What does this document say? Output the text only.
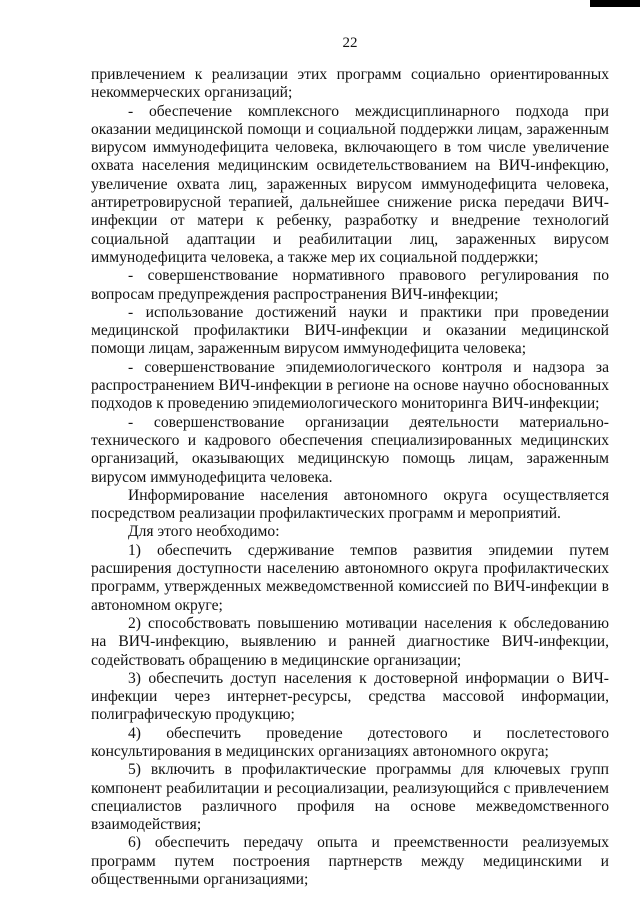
22

привлечением к реализации этих программ социально ориентированных некоммерческих организаций;

- обеспечение комплексного междисциплинарного подхода при оказании медицинской помощи и социальной поддержки лицам, зараженным вирусом иммунодефицита человека, включающего в том числе увеличение охвата населения медицинским освидетельствованием на ВИЧ-инфекцию, увеличение охвата лиц, зараженных вирусом иммунодефицита человека, антиретровирусной терапией, дальнейшее снижение риска передачи ВИЧ-инфекции от матери к ребенку, разработку и внедрение технологий социальной адаптации и реабилитации лиц, зараженных вирусом иммунодефицита человека, а также мер их социальной поддержки;

- совершенствование нормативного правового регулирования по вопросам предупреждения распространения ВИЧ-инфекции;

- использование достижений науки и практики при проведении медицинской профилактики ВИЧ-инфекции и оказании медицинской помощи лицам, зараженным вирусом иммунодефицита человека;

- совершенствование эпидемиологического контроля и надзора за распространением ВИЧ-инфекции в регионе на основе научно обоснованных подходов к проведению эпидемиологического мониторинга ВИЧ-инфекции;

- совершенствование организации деятельности материально-технического и кадрового обеспечения специализированных медицинских организаций, оказывающих медицинскую помощь лицам, зараженным вирусом иммунодефицита человека.

Информирование населения автономного округа осуществляется посредством реализации профилактических программ и мероприятий.

Для этого необходимо:

1) обеспечить сдерживание темпов развития эпидемии путем расширения доступности населению автономного округа профилактических программ, утвержденных межведомственной комиссией по ВИЧ-инфекции в автономном округе;

2) способствовать повышению мотивации населения к обследованию на ВИЧ-инфекцию, выявлению и ранней диагностике ВИЧ-инфекции, содействовать обращению в медицинские организации;

3) обеспечить доступ населения к достоверной информации о ВИЧ-инфекции через интернет-ресурсы, средства массовой информации, полиграфическую продукцию;

4) обеспечить проведение дотестового и послетестового консультирования в медицинских организациях автономного округа;

5) включить в профилактические программы для ключевых групп компонент реабилитации и ресоциализации, реализующийся с привлечением специалистов различного профиля на основе межведомственного взаимодействия;

6) обеспечить передачу опыта и преемственности реализуемых программ путем построения партнерств между медицинскими и общественными организациями;
